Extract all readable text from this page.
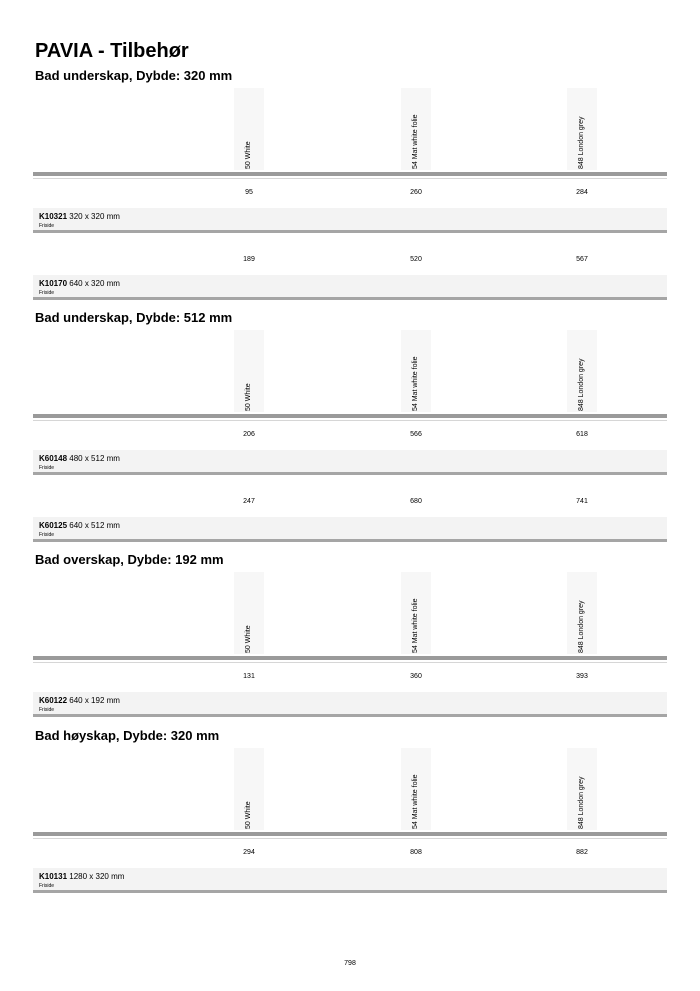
PAVIA - Tilbehør
Bad underskap, Dybde: 320 mm
50 White	54 Mat white folie	848 London grey
95	260	284
K10321 320 x 320 mm
Friside
189	520	567
K10170 640 x 320 mm
Friside
Bad underskap, Dybde: 512 mm
50 White	54 Mat white folie	848 London grey
206	566	618
K60148 480 x 512 mm
Friside
247	680	741
K60125 640 x 512 mm
Friside
Bad overskap, Dybde: 192 mm
50 White	54 Mat white folie	848 London grey
131	360	393
K60122 640 x 192 mm
Friside
Bad høyskap, Dybde: 320 mm
50 White	54 Mat white folie	848 London grey
294	808	882
K10131 1280 x 320 mm
Friside
798
